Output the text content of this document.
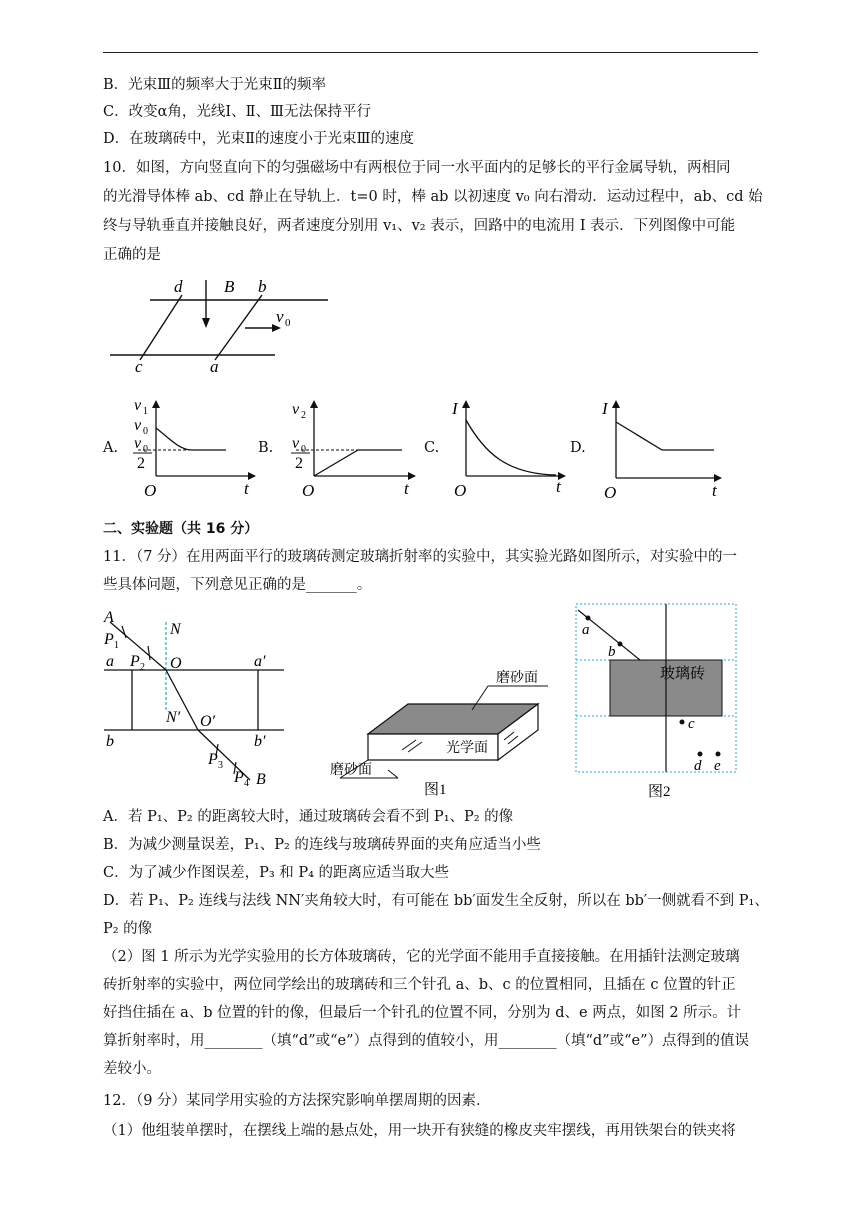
B．光束Ⅲ的频率大于光束Ⅱ的频率
C．改变α角，光线Ⅰ、Ⅱ、Ⅲ无法保持平行
D．在玻璃砖中，光束Ⅱ的速度小于光束Ⅲ的速度
10．如图，方向竖直向下的匀强磁场中有两根位于同一水平面内的足够长的平行金属导轨，两相同
的光滑导体棒 ab、cd 静止在导轨上．t=0 时，棒 ab 以初速度 v₀ 向右滑动．运动过程中，ab、cd 始
终与导轨垂直并接触良好，两者速度分别用 v₁、v₂ 表示，回路中的电流用 I 表示．下列图像中可能
正确的是
d B b
v 0
c	a
A.
v 1
v 0
v 0
2
O	t
B.
v 2
v 0
2
O	t
C.
I
O	t
D.
I
O	t
二、实验题（共 16 分）
11．（7 分）在用两面平行的玻璃砖测定玻璃折射率的实验中，其实验光路如图所示，对实验中的一
些具体问题，下列意见正确的是_______。
A
P 1
N
a P 2 O	a′
N′ O′
b	b′
P 3
P 4 B
磨砂面
光学面
磨砂面
图1
a
b
玻璃砖
c
d e
图2
A．若 P₁、P₂ 的距离较大时，通过玻璃砖会看不到 P₁、P₂ 的像
B．为减少测量误差，P₁、P₂ 的连线与玻璃砖界面的夹角应适当小些
C．为了减少作图误差，P₃ 和 P₄ 的距离应适当取大些
D．若 P₁、P₂ 连线与法线 NN′夹角较大时，有可能在 bb′面发生全反射，所以在 bb′一侧就看不到 P₁、
P₂ 的像
（2）图 1 所示为光学实验用的长方体玻璃砖，它的光学面不能用手直接接触。在用插针法测定玻璃
砖折射率的实验中，两位同学绘出的玻璃砖和三个针孔 a、b、c 的位置相同，且插在 c 位置的针正
好挡住插在 a、b 位置的针的像，但最后一个针孔的位置不同，分别为 d、e 两点，如图 2 所示。计
算折射率时，用________（填“d”或“e”）点得到的值较小，用________（填“d”或“e”）点得到的值误
差较小。
12．（9 分）某同学用实验的方法探究影响单摆周期的因素．
（1）他组装单摆时，在摆线上端的悬点处，用一块开有狭缝的橡皮夹牢摆线，再用铁架台的铁夹将
